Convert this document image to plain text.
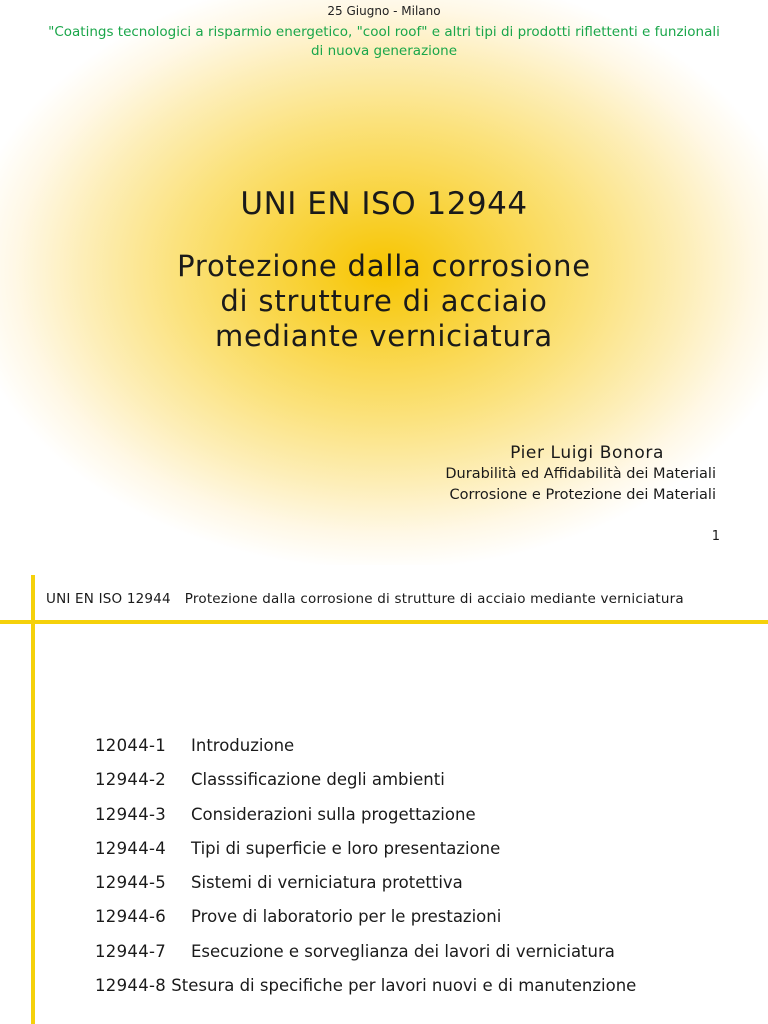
25 Giugno - Milano
"Coatings tecnologici a risparmio energetico, "cool roof" e altri tipi di prodotti riflettenti e funzionali di nuova generazione
UNI EN ISO 12944
Protezione dalla corrosione
di strutture di acciaio
mediante verniciatura
Pier Luigi Bonora
Durabilità ed Affidabilità dei Materiali
Corrosione e Protezione dei Materiali
1
UNI EN ISO 12944 Protezione dalla corrosione di strutture di acciaio mediante verniciatura
12044-1	Introduzione
12944-2	Classsificazione degli ambienti
12944-3	Considerazioni sulla progettazione
12944-4	Tipi di superficie e loro presentazione
12944-5	Sistemi di verniciatura protettiva
12944-6	Prove di laboratorio per le prestazioni
12944-7	Esecuzione e sorveglianza dei lavori di verniciatura
12944-8 Stesura di specifiche per lavori nuovi e di manutenzione
